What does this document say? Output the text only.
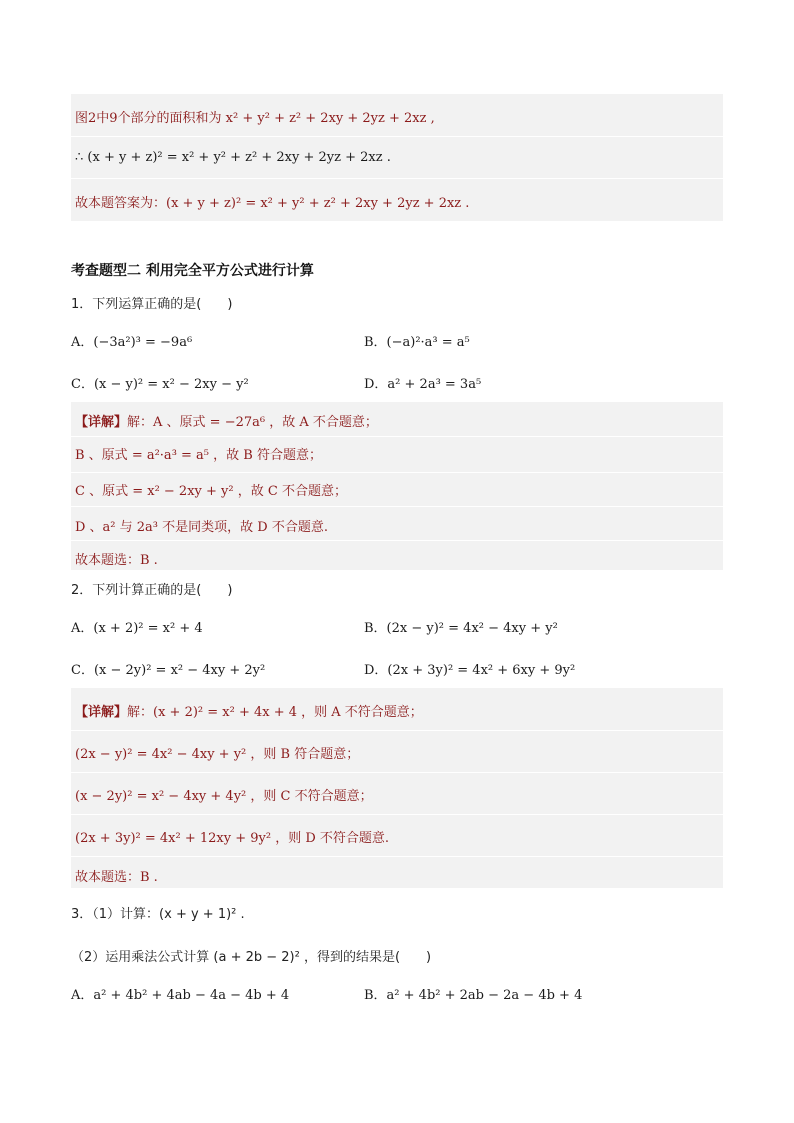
图2中9个部分的面积和为 x² + y² + z² + 2xy + 2yz + 2xz ,
∴ (x + y + z)² = x² + y² + z² + 2xy + 2yz + 2xz .
故本题答案为：(x + y + z)² = x² + y² + z² + 2xy + 2yz + 2xz .
考查题型二 利用完全平方公式进行计算
1．下列运算正确的是(　　)
A．(−3a²)³ = −9a⁶	B．(−a)²·a³ = a⁵
C．(x − y)² = x² − 2xy − y²	D．a² + 2a³ = 3a⁵
【详解】解：A 、原式 = −27a⁶ ，故 A 不合题意；
B 、原式 = a²·a³ = a⁵ ，故 B 符合题意；
C 、原式 = x² − 2xy + y² ，故 C 不合题意；
D 、a² 与 2a³ 不是同类项，故 D 不合题意.
故本题选：B .
2．下列计算正确的是(　　)
A．(x + 2)² = x² + 4	B．(2x − y)² = 4x² − 4xy + y²
C．(x − 2y)² = x² − 4xy + 2y²	D．(2x + 3y)² = 4x² + 6xy + 9y²
【详解】解：(x + 2)² = x² + 4x + 4 ，则 A 不符合题意；
(2x − y)² = 4x² − 4xy + y² ，则 B 符合题意；
(x − 2y)² = x² − 4xy + 4y² ，则 C 不符合题意；
(2x + 3y)² = 4x² + 12xy + 9y² ，则 D 不符合题意.
故本题选：B .
3．（1）计算：(x + y + 1)² .
（2）运用乘法公式计算 (a + 2b − 2)² ，得到的结果是(　　)
A．a² + 4b² + 4ab − 4a − 4b + 4	B．a² + 4b² + 2ab − 2a − 4b + 4
